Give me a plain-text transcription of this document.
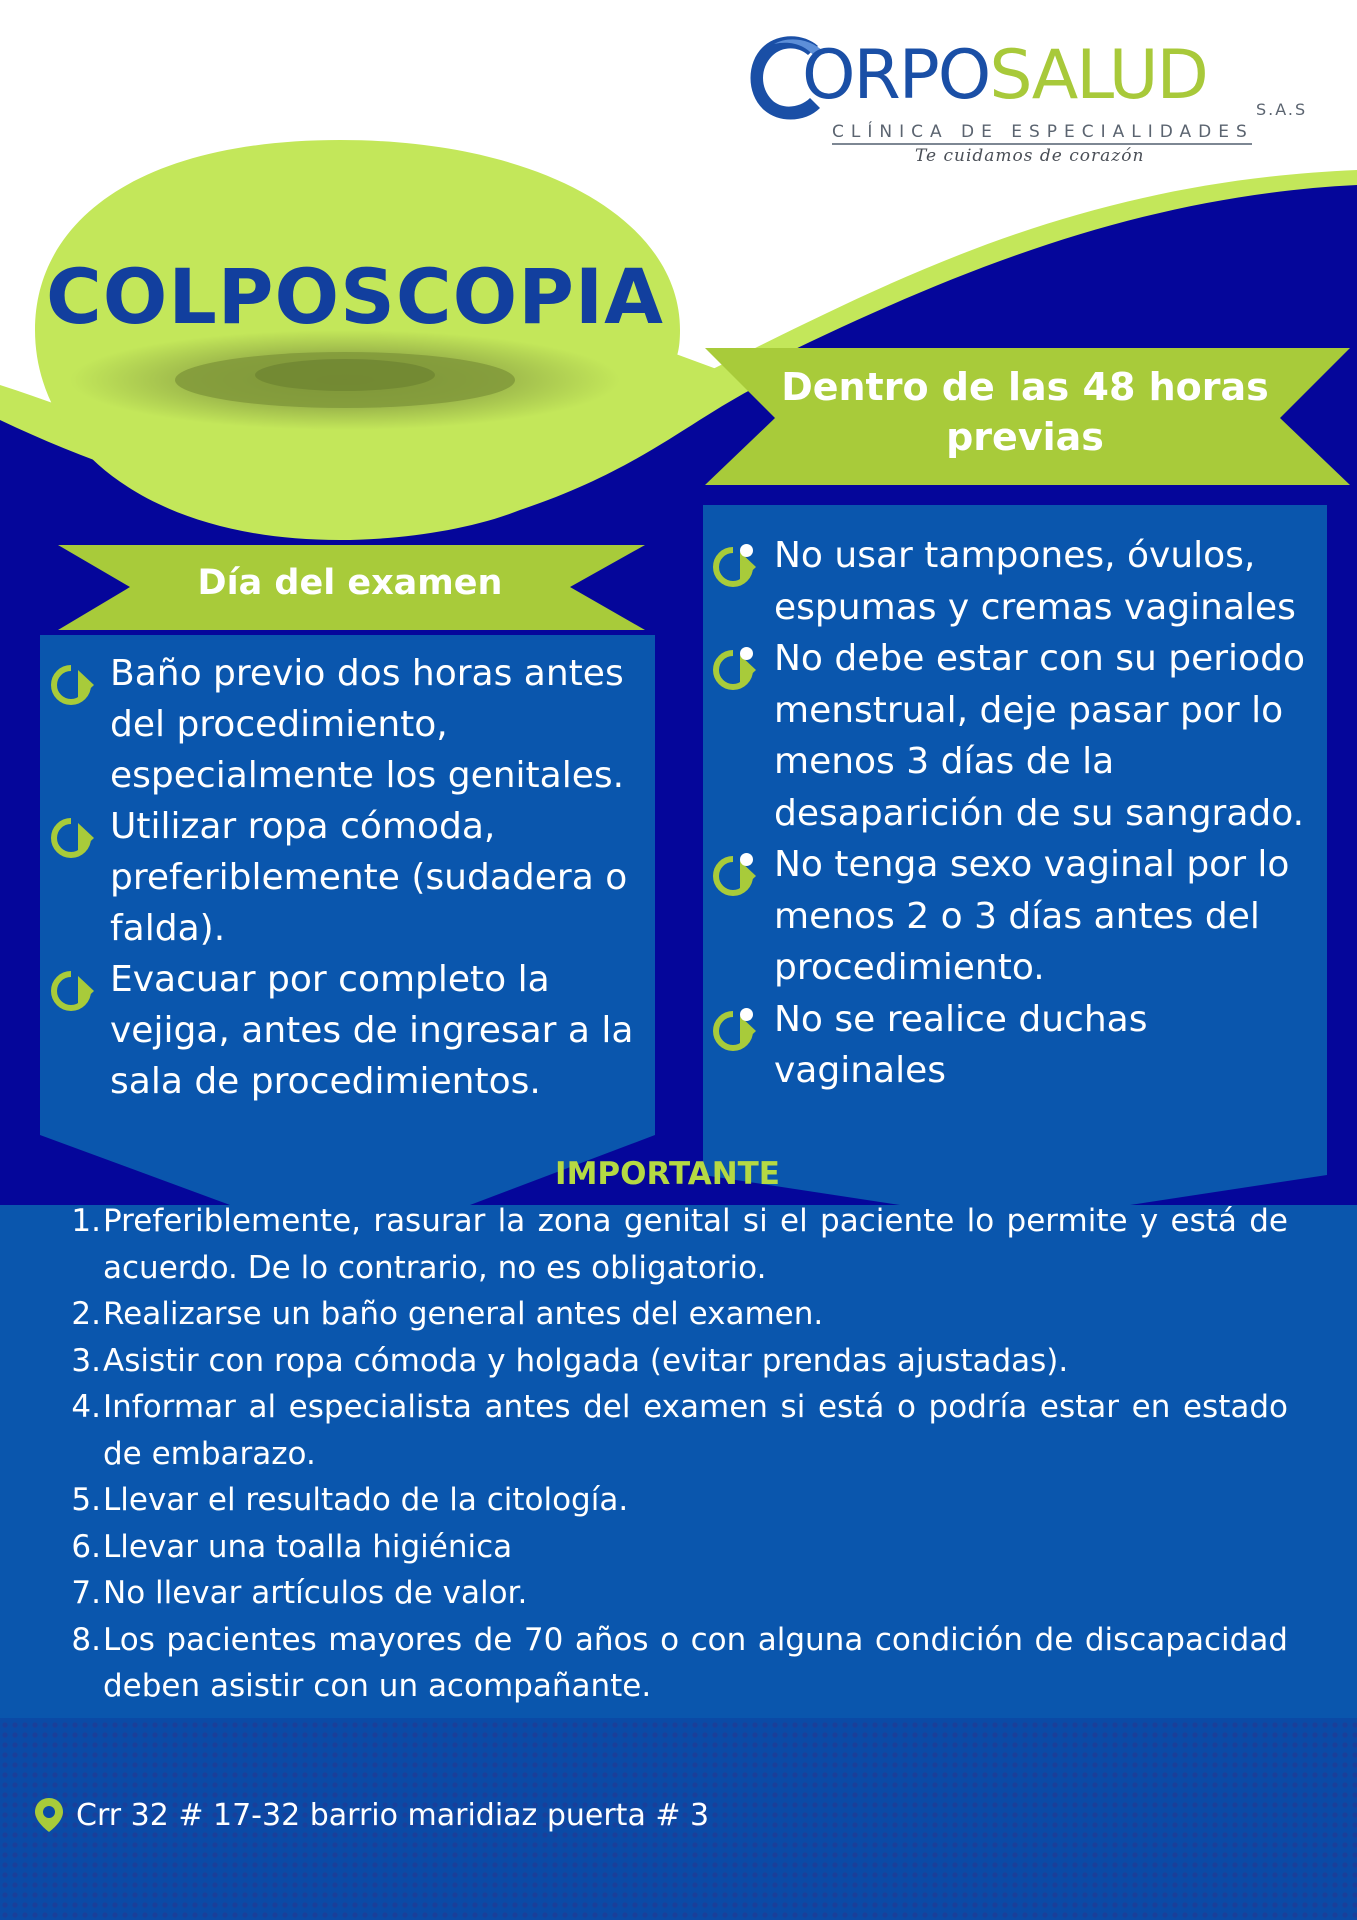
ORPOSALUD	S.A.S
CLÍNICA DE ESPECIALIDADES
Te cuidamos de corazón
COLPOSCOPIA
Dentro de las 48 horas previas
Día del examen
Baño previo dos horas antes del procedimiento, especialmente los genitales.
Utilizar ropa cómoda, preferiblemente (sudadera o falda).
Evacuar por completo la vejiga, antes de ingresar a la sala de procedimientos.
No usar tampones, óvulos, espumas y cremas vaginales
No debe estar con su periodo menstrual, deje pasar por lo menos 3 días de la desaparición de su sangrado.
No tenga sexo vaginal por lo menos 2 o 3 días antes del procedimiento.
No se realice duchas vaginales
IMPORTANTE
1. Preferiblemente, rasurar la zona genital si el paciente lo permite y está de acuerdo. De lo contrario, no es obligatorio.
2. Realizarse un baño general antes del examen.
3. Asistir con ropa cómoda y holgada (evitar prendas ajustadas).
4. Informar al especialista antes del examen si está o podría estar en estado de embarazo.
5. Llevar el resultado de la citología.
6. Llevar una toalla higiénica
7. No llevar artículos de valor.
8. Los pacientes mayores de 70 años o con alguna condición de discapacidad deben asistir con un acompañante.
Crr 32 # 17-32 barrio maridiaz puerta # 3
